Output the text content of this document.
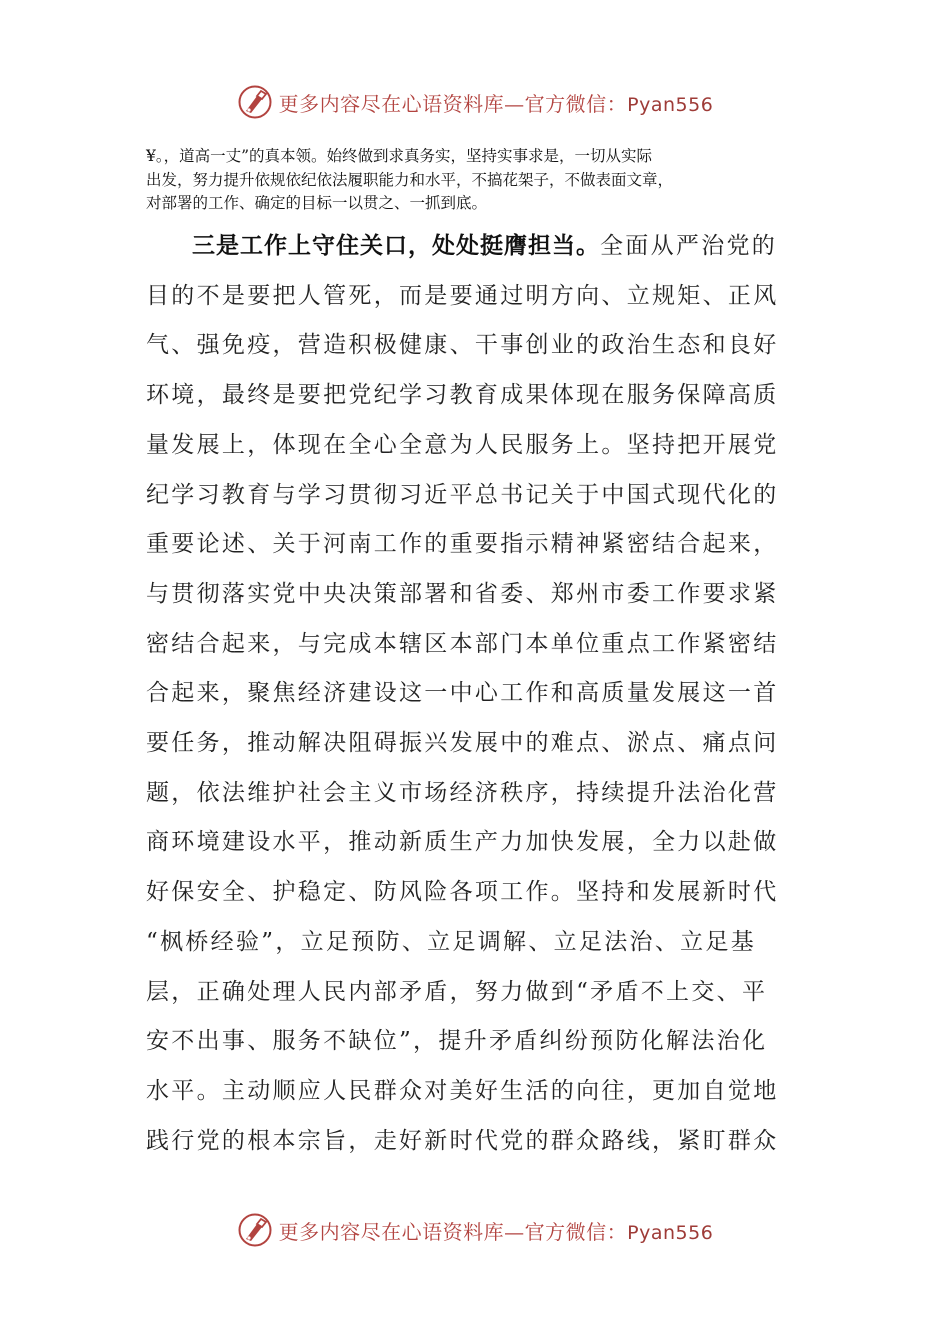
更多内容尽在心语资料库—官方微信：Pyan556
¥。，道高一丈”的真本领。始终做到求真务实，坚持实事求是，一切从实际
出发，努力提升依规依纪依法履职能力和水平，不搞花架子，不做表面文章，
对部署的工作、确定的目标一以贯之、一抓到底。
三是工作上守住关口，处处挺膺担当。全面从严治党的
目的不是要把人管死，而是要通过明方向、立规矩、正风
气、强免疫，营造积极健康、干事创业的政治生态和良好
环境，最终是要把党纪学习教育成果体现在服务保障高质
量发展上，体现在全心全意为人民服务上。坚持把开展党
纪学习教育与学习贯彻习近平总书记关于中国式现代化的
重要论述、关于河南工作的重要指示精神紧密结合起来，
与贯彻落实党中央决策部署和省委、郑州市委工作要求紧
密结合起来，与完成本辖区本部门本单位重点工作紧密结
合起来，聚焦经济建设这一中心工作和高质量发展这一首
要任务，推动解决阻碍振兴发展中的难点、淤点、痛点问
题，依法维护社会主义市场经济秩序，持续提升法治化营
商环境建设水平，推动新质生产力加快发展，全力以赴做
好保安全、护稳定、防风险各项工作。坚持和发展新时代
“枫桥经验”，立足预防、立足调解、立足法治、立足基
层，正确处理人民内部矛盾，努力做到“矛盾不上交、平
安不出事、服务不缺位”，提升矛盾纠纷预防化解法治化
水平。主动顺应人民群众对美好生活的向往，更加自觉地
践行党的根本宗旨，走好新时代党的群众路线，紧盯群众
更多内容尽在心语资料库—官方微信：Pyan556
